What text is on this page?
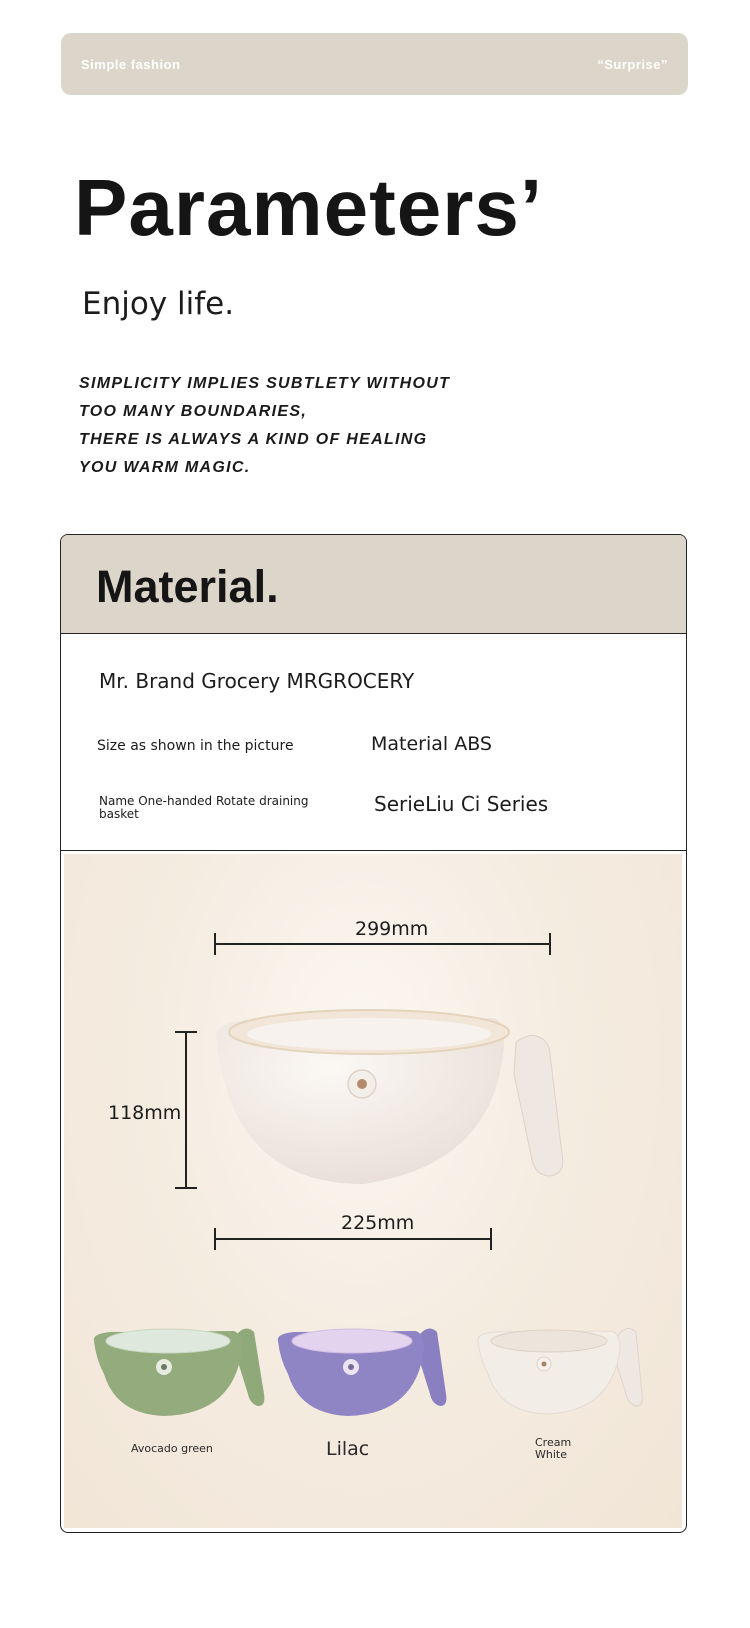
Simple fashion	“Surprise”
Parameters’

Enjoy life.

SIMPLICITY IMPLIES SUBTLETY WITHOUT
TOO MANY BOUNDARIES,
THERE IS ALWAYS A KIND OF HEALING
YOU WARM MAGIC.
Material.
Mr. Brand Grocery MRGROCERY
Size as shown in the picture	Material ABS
Name One-handed Rotate draining basket	SerieLiu Ci Series
299mm
118mm
225mm
Avocado green	Lilac	Cream White
